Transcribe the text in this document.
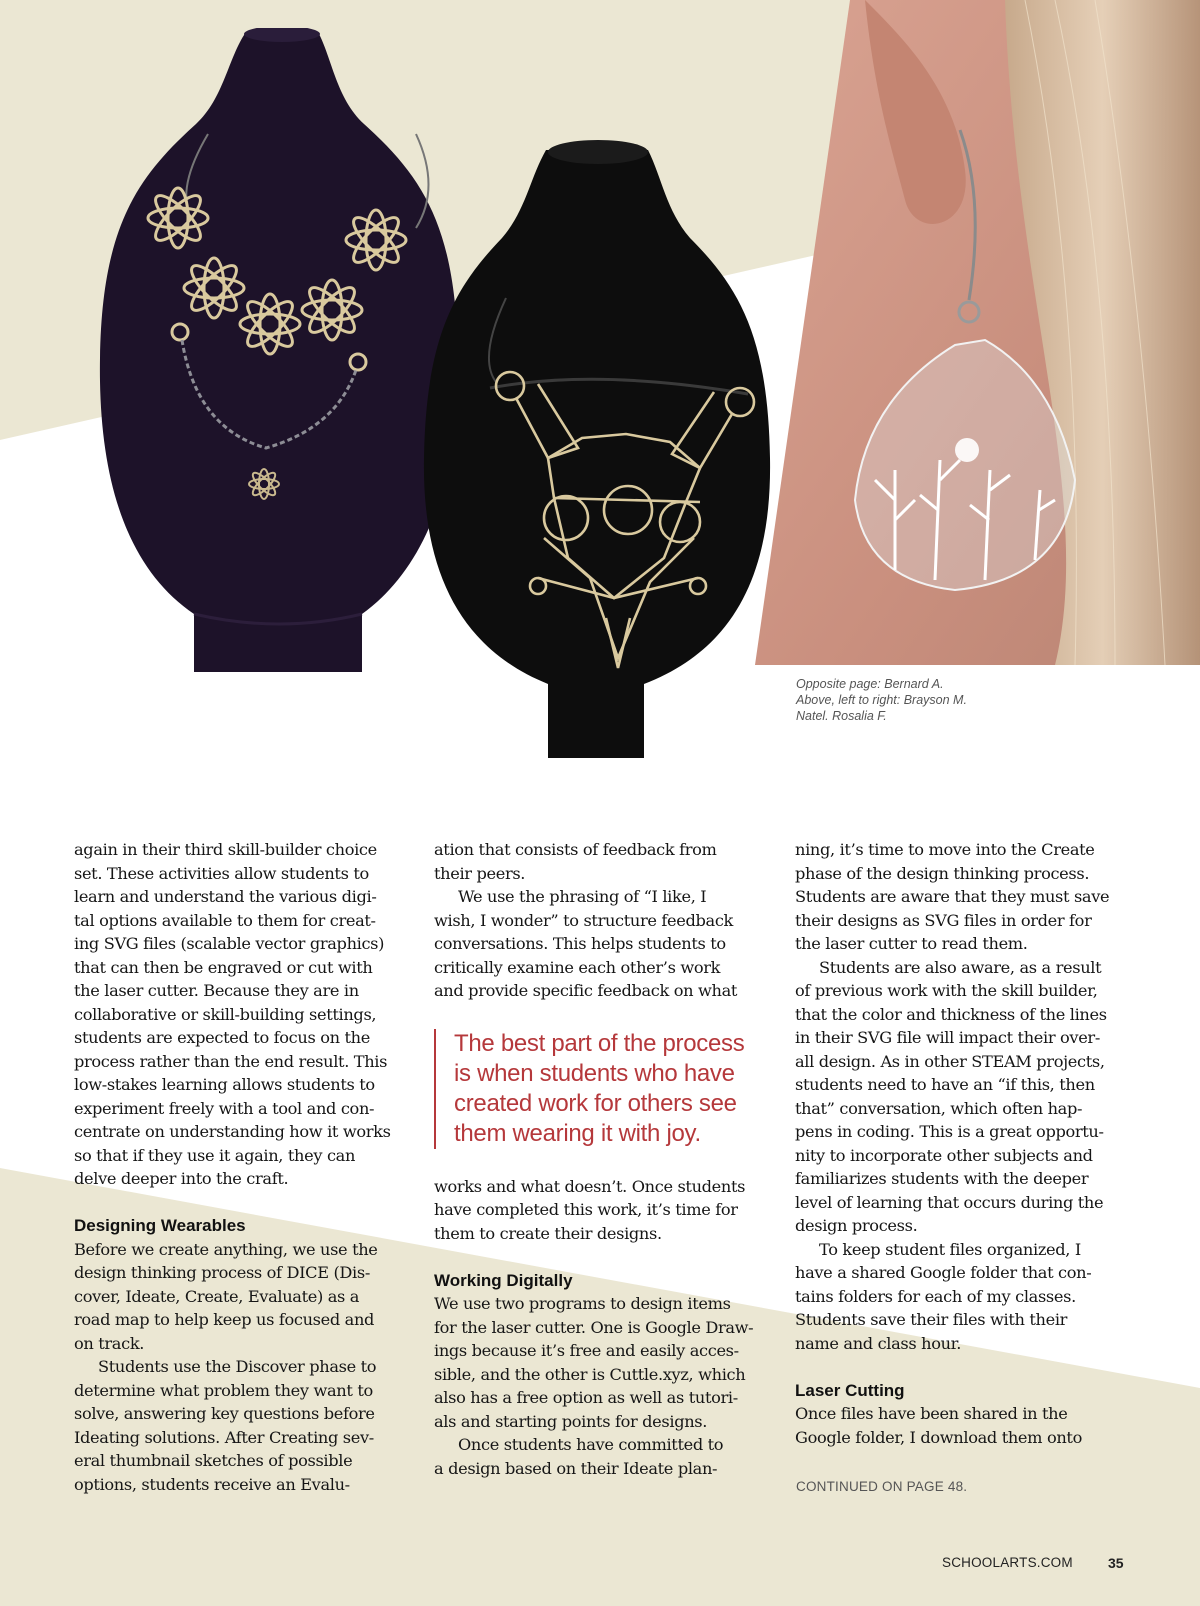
Opposite page: Bernard A.
Above, left to right: Brayson M.
Natel. Rosalia F.
again in their third skill-builder choice
set. These activities allow students to
learn and understand the various digi-
tal options available to them for creat-
ing SVG files (scalable vector graphics)
that can then be engraved or cut with
the laser cutter. Because they are in
collaborative or skill-building settings,
students are expected to focus on the
process rather than the end result. This
low-stakes learning allows students to
experiment freely with a tool and con-
centrate on understanding how it works
so that if they use it again, they can
delve deeper into the craft.
Designing Wearables
Before we create anything, we use the
design thinking process of DICE (Dis-
cover, Ideate, Create, Evaluate) as a
road map to help keep us focused and
on track.
Students use the Discover phase to
determine what problem they want to
solve, answering key questions before
Ideating solutions. After Creating sev-
eral thumbnail sketches of possible
options, students receive an Evalu-
ation that consists of feedback from
their peers.
We use the phrasing of “I like, I
wish, I wonder” to structure feedback
conversations. This helps students to
critically examine each other’s work
and provide specific feedback on what
The best part of the process
is when students who have
created work for others see
them wearing it with joy.
works and what doesn’t. Once students
have completed this work, it’s time for
them to create their designs.
Working Digitally
We use two programs to design items
for the laser cutter. One is Google Draw-
ings because it’s free and easily acces-
sible, and the other is Cuttle.xyz, which
also has a free option as well as tutori-
als and starting points for designs.
Once students have committed to
a design based on their Ideate plan-
ning, it’s time to move into the Create
phase of the design thinking process.
Students are aware that they must save
their designs as SVG files in order for
the laser cutter to read them.
Students are also aware, as a result
of previous work with the skill builder,
that the color and thickness of the lines
in their SVG file will impact their over-
all design. As in other STEAM projects,
students need to have an “if this, then
that” conversation, which often hap-
pens in coding. This is a great opportu-
nity to incorporate other subjects and
familiarizes students with the deeper
level of learning that occurs during the
design process.
To keep student files organized, I
have a shared Google folder that con-
tains folders for each of my classes.
Students save their files with their
name and class hour.
Laser Cutting
Once files have been shared in the
Google folder, I download them onto
CONTINUED ON PAGE 48.
SCHOOLARTS.COM	35
